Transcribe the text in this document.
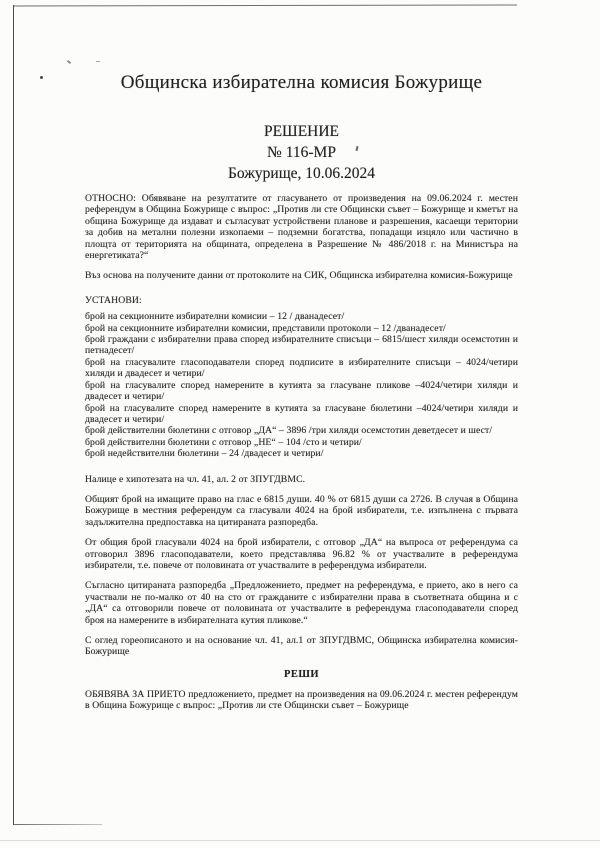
Общинска избирателна комисия Божурище
РЕШЕНИЕ
№ 116-МР
Божурище, 10.06.2024

ОТНОСНО: Обявяване на резултатите от гласуването от произведения на 09.06.2024 г. местен референдум в Община Божурище с въпрос: „Против ли сте Общински съвет – Божурище и кметът на община Божурище да издават и съгласуват устройствени планове и разрешения, касаещи територии за добив на метални полезни изкопаеми – подземни богатства, попадащи изцяло или частично в площта от територията на общината, определена в Разрешение № 486/2018 г. на Министъра на енергетиката?“

Въз основа на получените данни от протоколите на СИК, Общинска избирателна комисия-Божурище

УСТАНОВИ:

брой на секционните избирателни комисии – 12 / дванадесет/

брой на секционните избирателни комисии, представили протоколи – 12 /дванадесет/

брой граждани с избирателни права според избирателните списъци – 6815/шест хиляди осемстотин и петнадесет/

брой на гласувалите гласоподаватели според подписите в избирателните списъци – 4024/четири хиляди и двадесет и четири/

брой на гласувалите според намерените в кутията за гласуване пликове –4024/четири хиляди и двадесет и четири/

брой на гласувалите според намерените в кутията за гласуване бюлетини –4024/четири хиляди и двадесет и четири/

брой действителни бюлетини с отговор „ДА“ – 3896 /три хиляди осемстотин деветдесет и шест/

брой действителни бюлетини с отговор „НЕ“ – 104 /сто и четири/

брой недействителни бюлетини – 24 /двадесет и четири/

Налице е хипотезата на чл. 41, ал. 2 от ЗПУГДВМС.

Общият брой на имащите право на глас е 6815 души. 40 % от 6815 души са 2726. В случая в Община Божурище в местния референдум са гласували 4024 на брой избиратели, т.е. изпълнена с първата задължителна предпоставка на цитираната разпоредба.

От общия брой гласували 4024 на брой избиратели, с отговор „ДА“ на въпроса от референдума са отговорил 3896 гласоподаватели, което представлява 96.82 % от участвалите в референдума избиратели, т.е. повече от половината от участвалите в референдума избиратели.

Съгласно цитираната разпоредба „Предложението, предмет на референдума, е прието, ако в него са участвали не по-малко от 40 на сто от гражданите с избирателни права в съответната община и с „ДА“ са отговорили повече от половината от участвалите в референдума гласоподаватели според броя на намерените в избирателната кутия пликове.“

С оглед гореописаното и на основание чл. 41, ал.1 от ЗПУГДВМС, Общинска избирателна комисия- Божурище

РЕШИ

ОБЯВЯВА ЗА ПРИЕТО предложението, предмет на произведения на 09.06.2024 г. местен референдум в Община Божурище с въпрос: „Против ли сте Общински съвет – Божурище
